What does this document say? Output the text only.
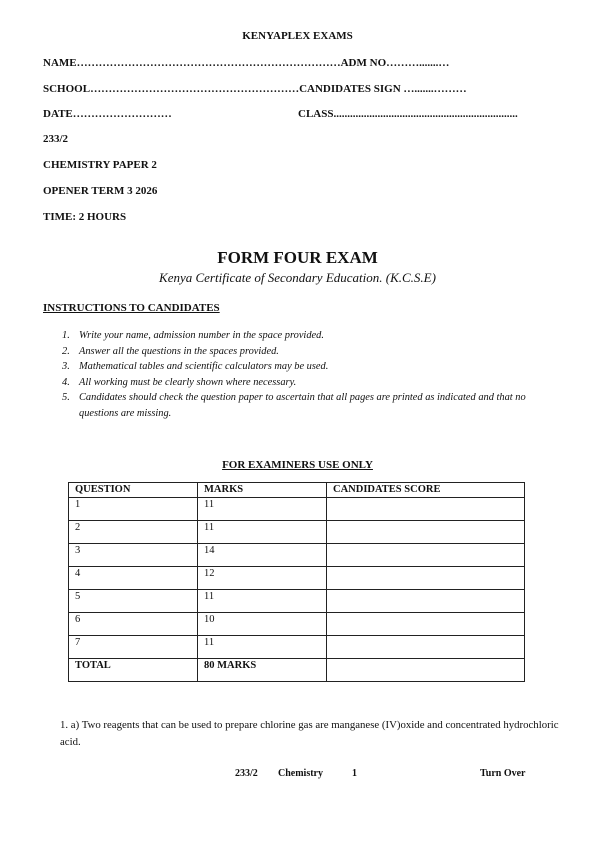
KENYAPLEX EXAMS
NAME………………………………………………………………ADM NO……….......…
SCHOOL…………………………………………………CANDIDATES SIGN ….......………
DATE………………………	CLASS...................................................................
233/2
CHEMISTRY PAPER 2
OPENER TERM 3 2026
TIME: 2 HOURS
FORM FOUR EXAM
Kenya Certificate of Secondary Education. (K.C.S.E)
INSTRUCTIONS TO CANDIDATES
1. Write your name, admission number in the space provided.
2. Answer all the questions in the spaces provided.
3. Mathematical tables and scientific calculators may be used.
4. All working must be clearly shown where necessary.
5. Candidates should check the question paper to ascertain that all pages are printed as indicated and that no questions are missing.
FOR EXAMINERS USE ONLY
QUESTION	MARKS	CANDIDATES SCORE
1	11	
2	11	
3	14	
4	12	
5	11	
6	10	
7	11	
TOTAL	80 MARKS	
1. a) Two reagents that can be used to prepare chlorine gas are manganese (IV)oxide and concentrated hydrochloric acid.
233/2 Chemistry	1	Turn Over
